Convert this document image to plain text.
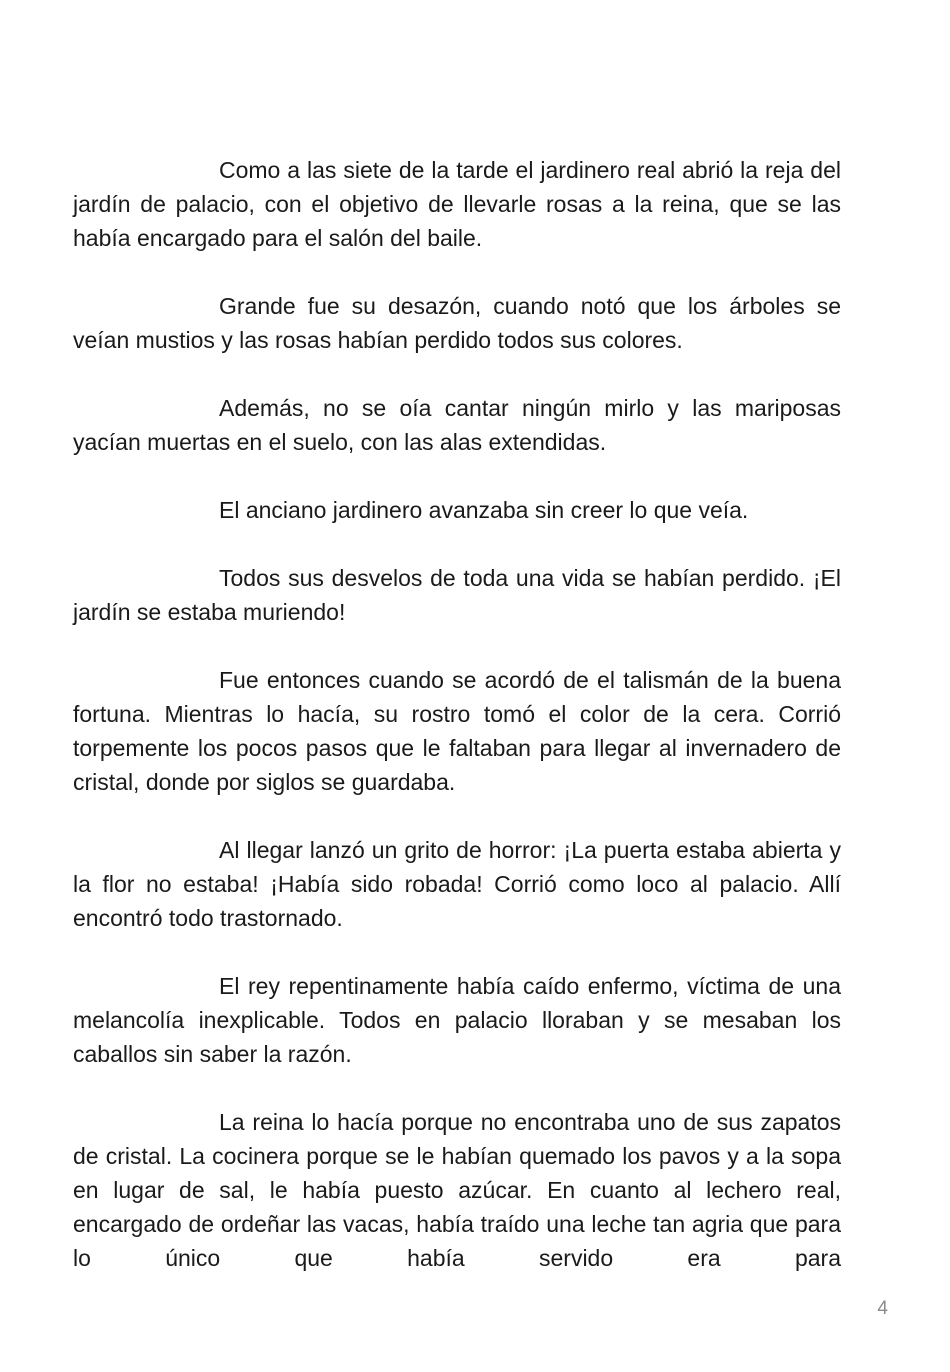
Como a las siete de la tarde el jardinero real abrió la reja del jardín de palacio, con el objetivo de llevarle rosas a la reina, que se las había encargado para el salón del baile.

Grande fue su desazón, cuando notó que los árboles se veían mustios y las rosas habían perdido todos sus colores.

Además, no se oía cantar ningún mirlo y las mariposas yacían muertas en el suelo, con las alas extendidas.

El anciano jardinero avanzaba sin creer lo que veía.

Todos sus desvelos de toda una vida se habían perdido. ¡El jardín se estaba muriendo!

Fue entonces cuando se acordó de el talismán de la buena fortuna. Mientras lo hacía, su rostro tomó el color de la cera. Corrió torpemente los pocos pasos que le faltaban para llegar al invernadero de cristal, donde por siglos se guardaba.

Al llegar lanzó un grito de horror: ¡La puerta estaba abierta y la flor no estaba! ¡Había sido robada! Corrió como loco al palacio. Allí encontró todo trastornado.

El rey repentinamente había caído enfermo, víctima de una melancolía inexplicable. Todos en palacio lloraban y se mesaban los caballos sin saber la razón.

La reina lo hacía porque no encontraba uno de sus zapatos de cristal. La cocinera porque se le habían quemado los pavos y a la sopa en lugar de sal, le había puesto azúcar. En cuanto al lechero real, encargado de ordeñar las vacas, había traído una leche tan agria que para lo único que había servido era para

4
